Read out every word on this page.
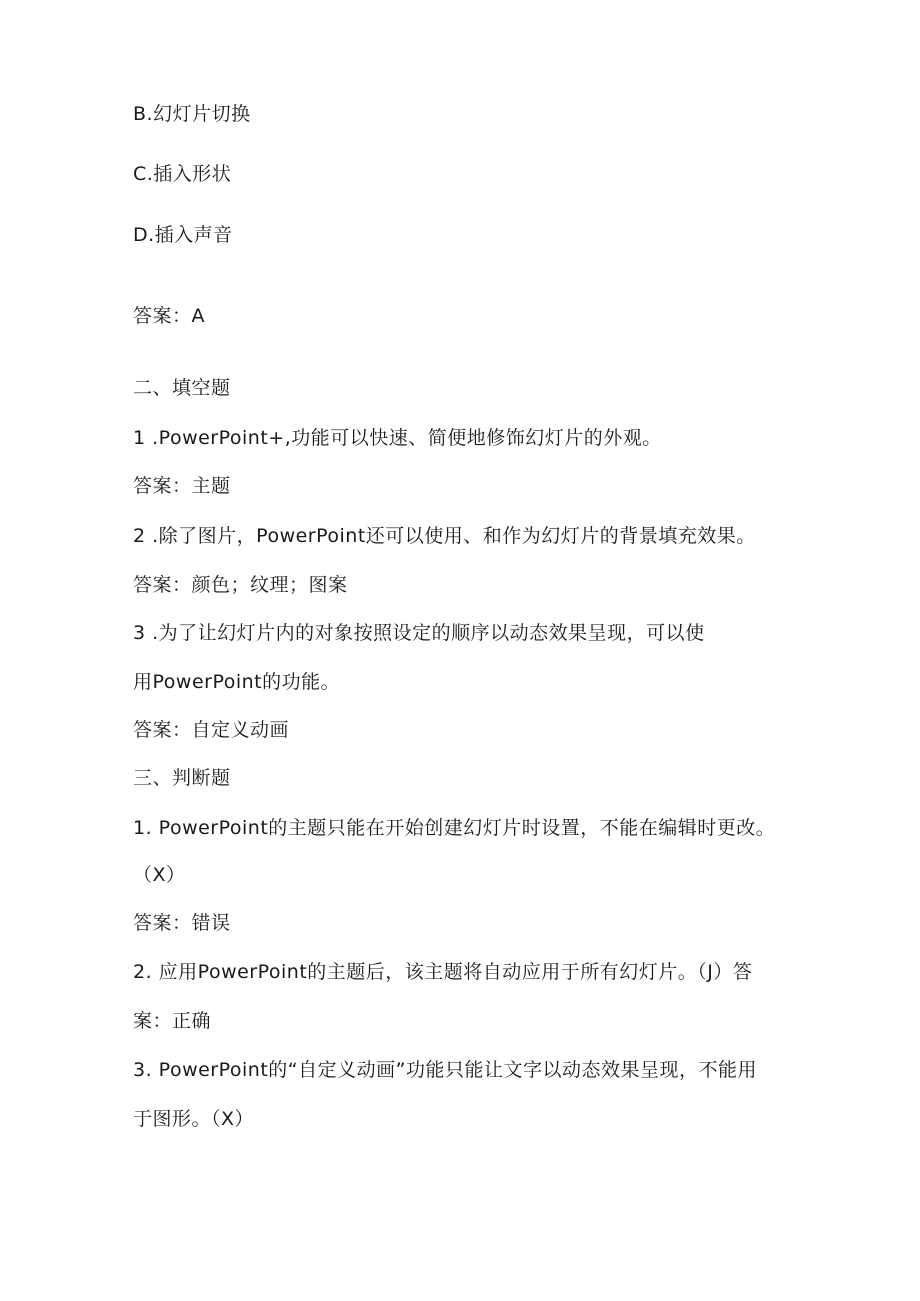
B.幻灯片切换
C.插入形状
D.插入声音
答案：A
二、填空题
1 .PowerPoint+,功能可以快速、简便地修饰幻灯片的外观。
答案：主题
2 .除了图片，PowerPoint还可以使用、和作为幻灯片的背景填充效果。
答案：颜色；纹理；图案
3 .为了让幻灯片内的对象按照设定的顺序以动态效果呈现，可以使
用PowerPoint的功能。
答案：自定义动画
三、判断题
1. PowerPoint的主题只能在开始创建幻灯片时设置，不能在编辑时更改。
（X）
答案：错误
2. 应用PowerPoint的主题后，该主题将自动应用于所有幻灯片。（J）答
案：正确
3. PowerPoint的“自定义动画”功能只能让文字以动态效果呈现，不能用
于图形。（X）
